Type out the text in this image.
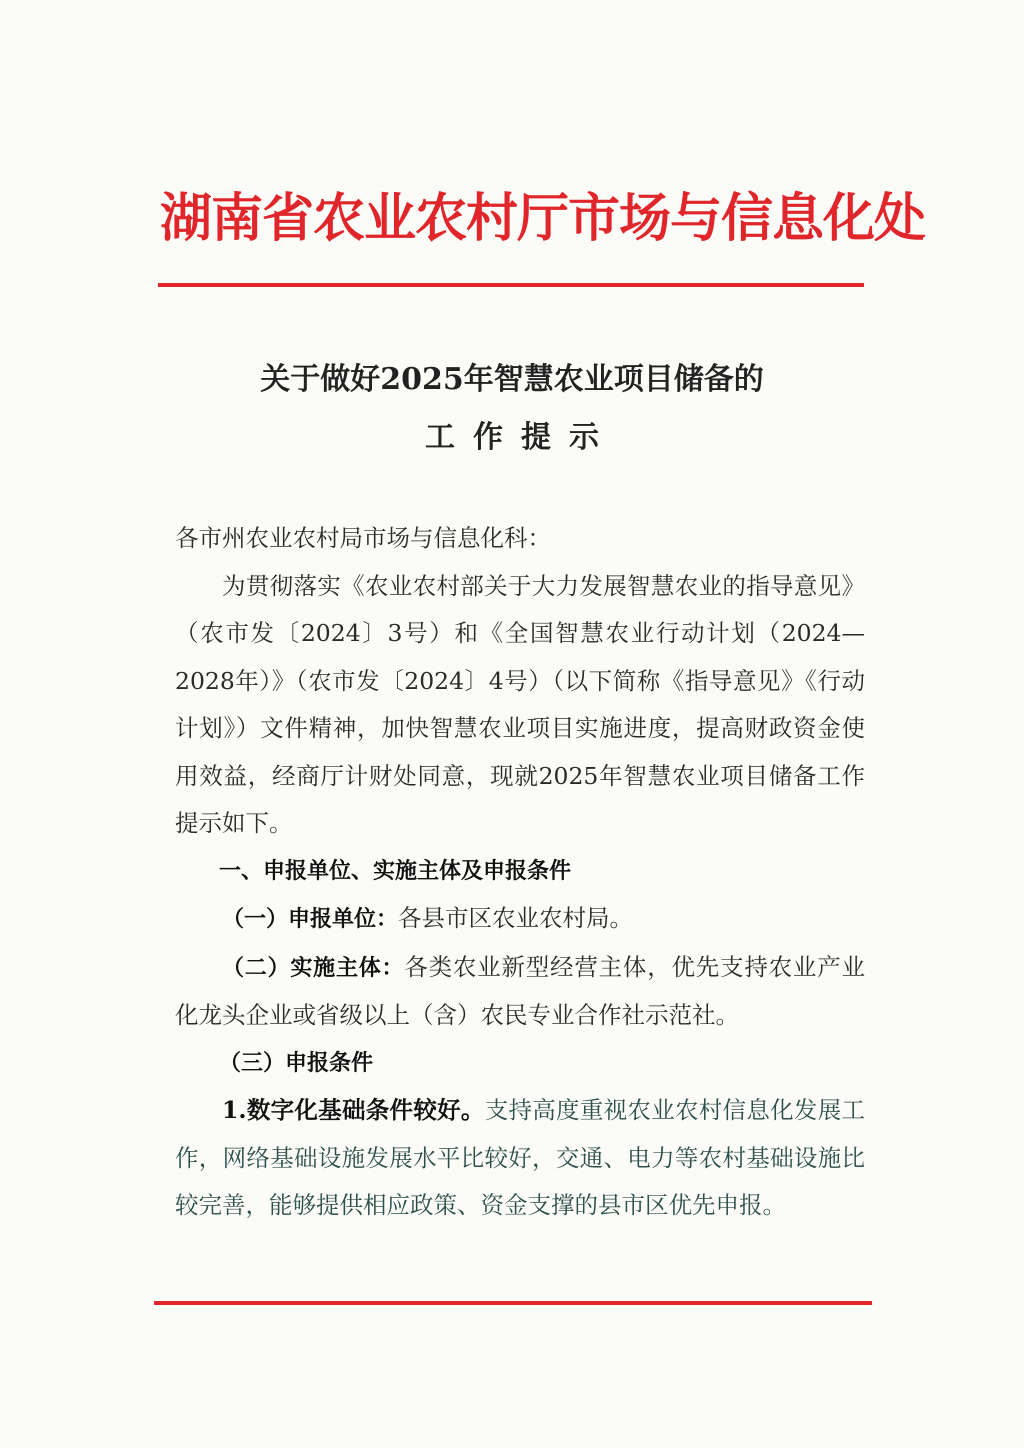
湖南省农业农村厅市场与信息化处
关于做好2025年智慧农业项目储备的
工作提示

各市州农业农村局市场与信息化科：

为贯彻落实《农业农村部关于大力发展智慧农业的指导意见》（农市发〔2024〕3号）和《全国智慧农业行动计划（2024—2028年）》（农市发〔2024〕4号）（以下简称《指导意见》《行动计划》）文件精神，加快智慧农业项目实施进度，提高财政资金使用效益，经商厅计财处同意，现就2025年智慧农业项目储备工作提示如下。

一、申报单位、实施主体及申报条件

（一）申报单位：各县市区农业农村局。

（二）实施主体：各类农业新型经营主体，优先支持农业产业化龙头企业或省级以上（含）农民专业合作社示范社。

（三）申报条件

1.数字化基础条件较好。支持高度重视农业农村信息化发展工作，网络基础设施发展水平比较好，交通、电力等农村基础设施比较完善，能够提供相应政策、资金支撑的县市区优先申报。
